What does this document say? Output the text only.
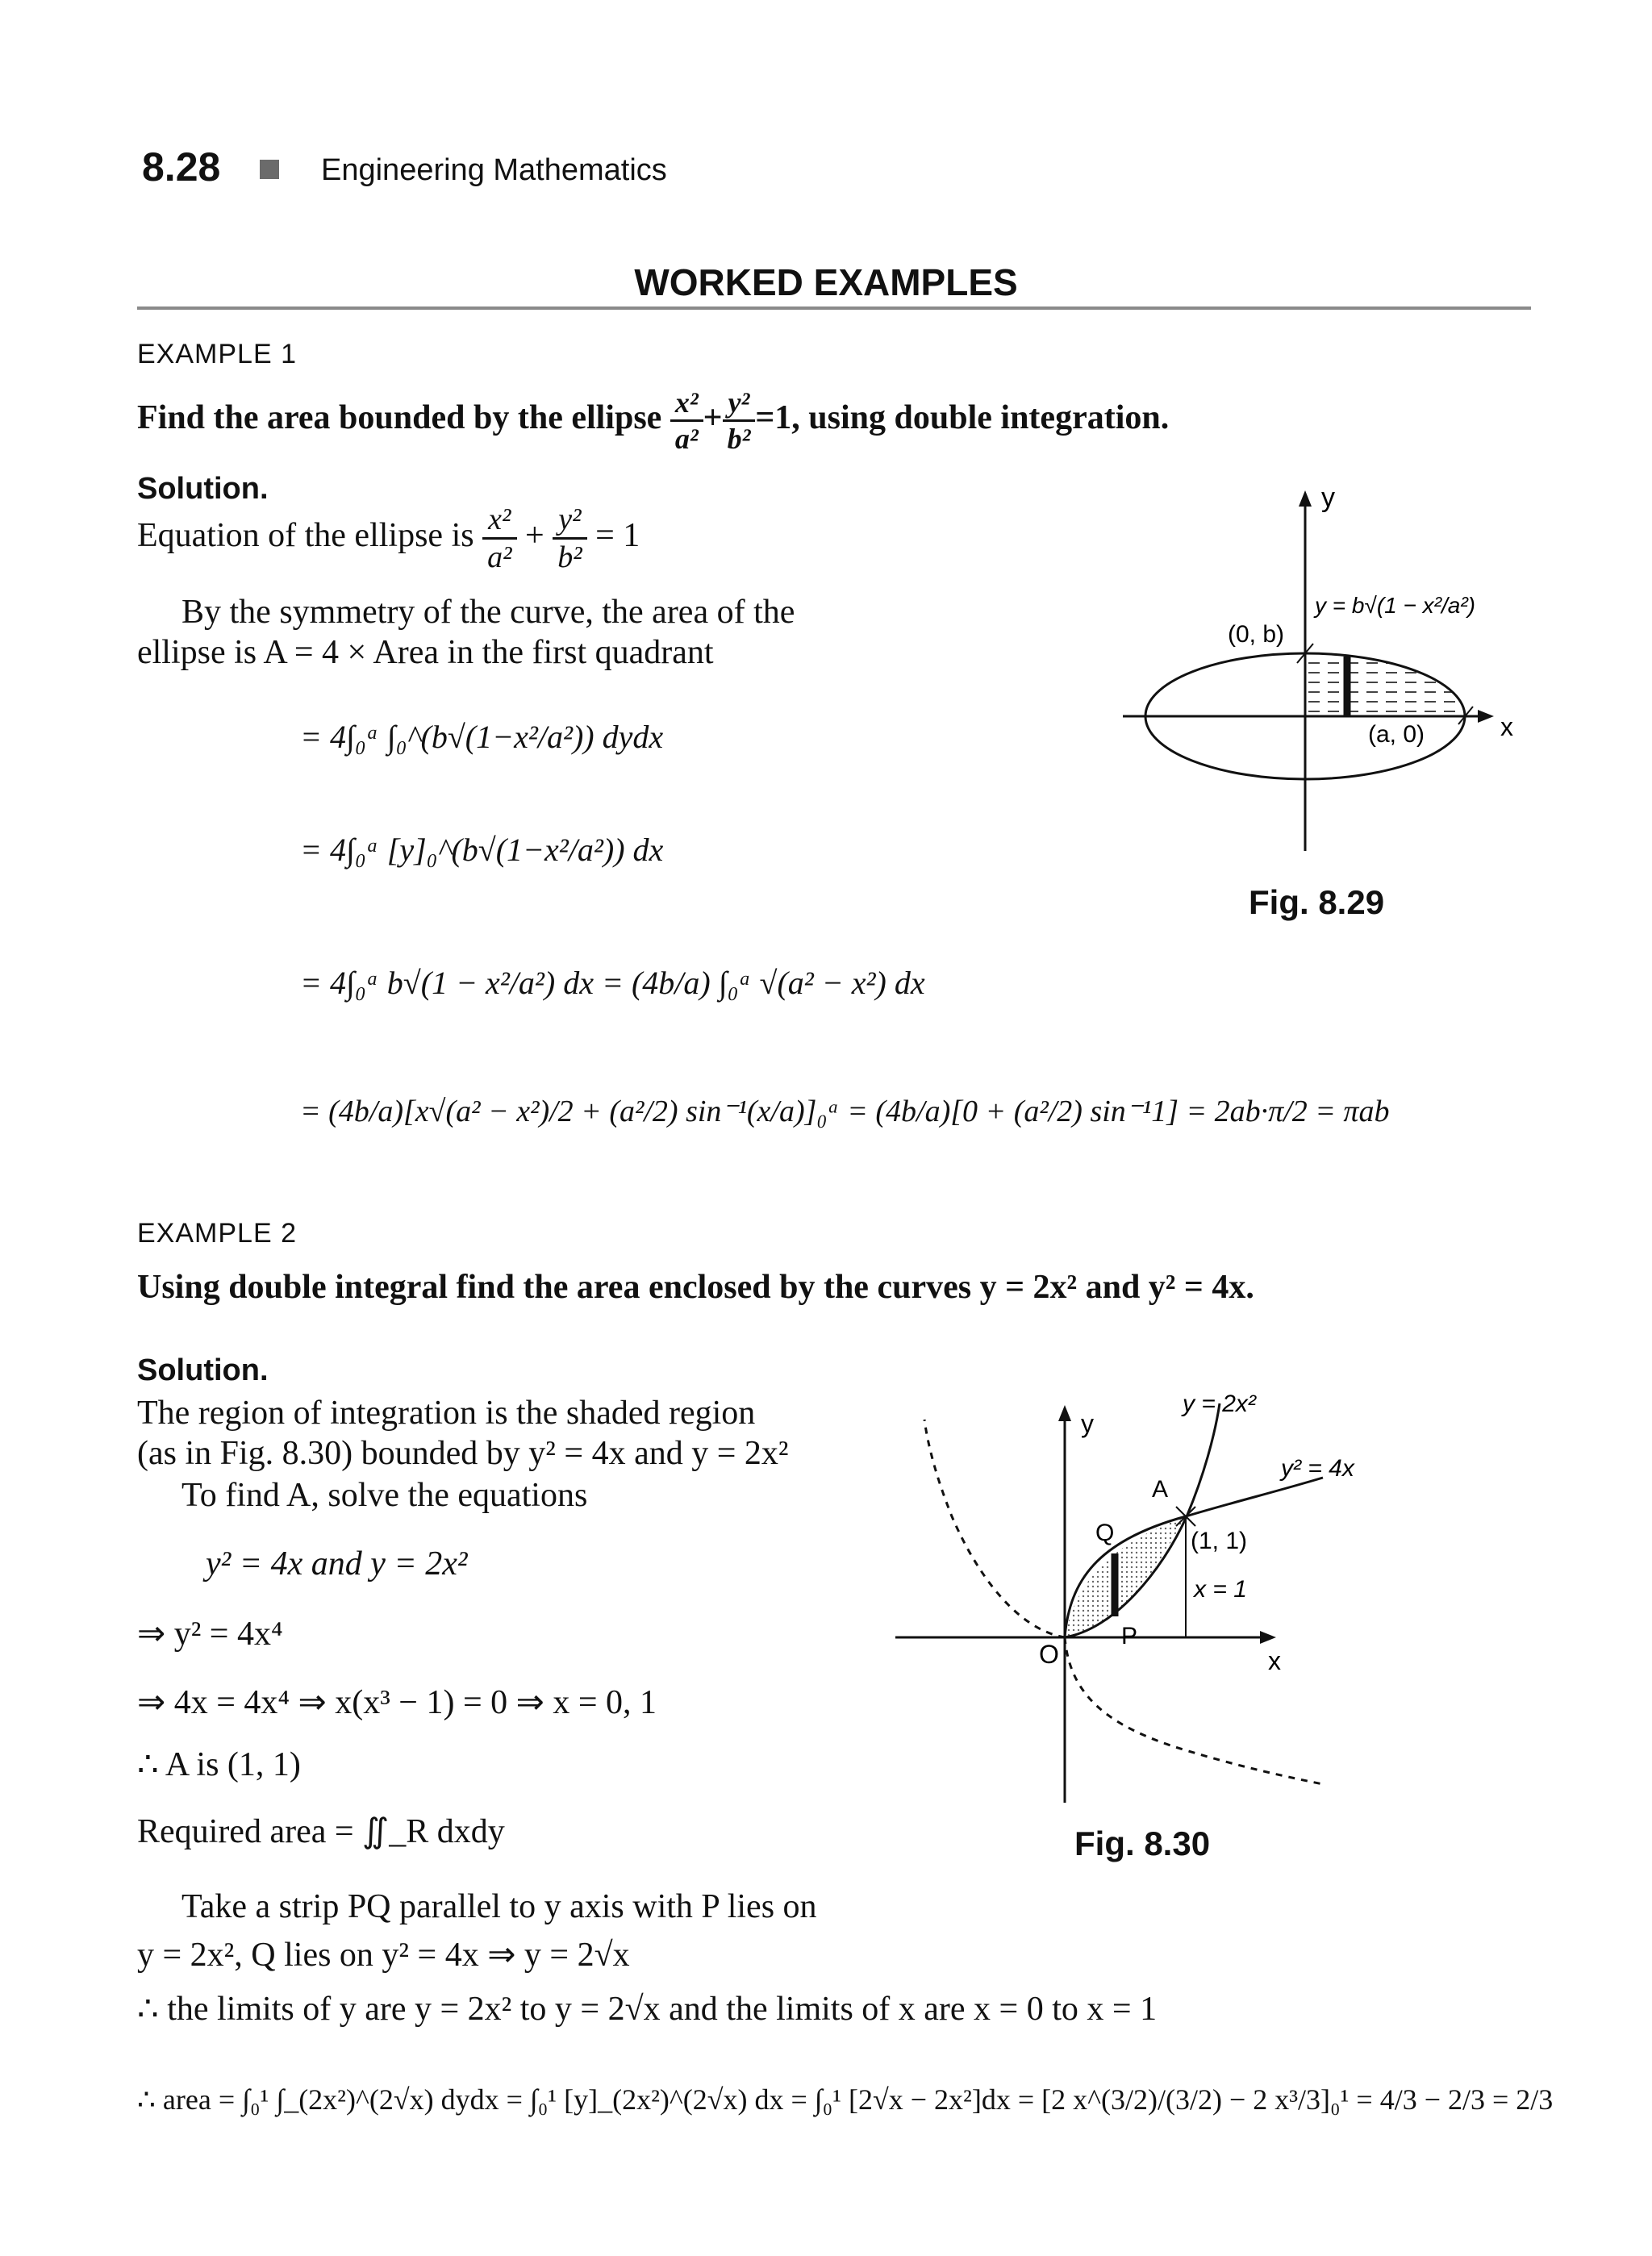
8.28	Engineering Mathematics
WORKED EXAMPLES
EXAMPLE 1
Find the area bounded by the ellipse $\frac{\text{x²}}{\text{a²}} + \frac{\text{y²}}{\text{b²}} =1$, using double integration.
Solution.
Equation of the ellipse is $\frac{\text{x²}}{\text{a²}} + \frac{\text{y²}}{\text{b²}} = 1$
By the symmetry of the curve, the area of the
ellipse is A = 4 × Area in the first quadrant
= 4∫₀ᵃ ∫₀^(b√(1−x²/a²)) dydx
= 4∫₀ᵃ [y]₀^(b√(1−x²/a²)) dx
= 4∫₀ᵃ b√(1 − x²/a²) dx = (4b/a) ∫₀ᵃ √(a² − x²) dx
= (4b/a)[x√(a² − x²)/2 + (a²/2) sin⁻¹(x/a)]₀ᵃ = (4b/a)[0 + (a²/2) sin⁻¹1] = 2ab·π/2 = πab
y
x
(0, b)
(a, 0)
y = b√(1 − x²/a²)
Fig. 8.29
EXAMPLE 2
Using double integral find the area enclosed by the curves y = 2x² and y² = 4x.
Solution.
The region of integration is the shaded region
(as in Fig. 8.30) bounded by y² = 4x and y = 2x²
To find A, solve the equations
y² = 4x and y = 2x²
⇒ y² = 4x⁴
⇒ 4x = 4x⁴ ⇒ x(x³ − 1) = 0 ⇒ x = 0, 1
∴ A is (1, 1)
Required area = ∬_R dxdy
Take a strip PQ parallel to y axis with P lies on
y = 2x², Q lies on y² = 4x ⇒ y = 2√x
∴ the limits of y are y = 2x² to y = 2√x and the limits of x are x = 0 to x = 1
∴ area = ∫₀¹ ∫_(2x²)^(2√x) dydx = ∫₀¹ [y]_(2x²)^(2√x) dx = ∫₀¹ [2√x − 2x²]dx = [2 x^(3/2)/(3/2) − 2 x³/3]₀¹ = 4/3 − 2/3 = 2/3
y
x
O
A
Q
P
(1, 1)
x = 1
y = 2x²
y² = 4x
Fig. 8.30
